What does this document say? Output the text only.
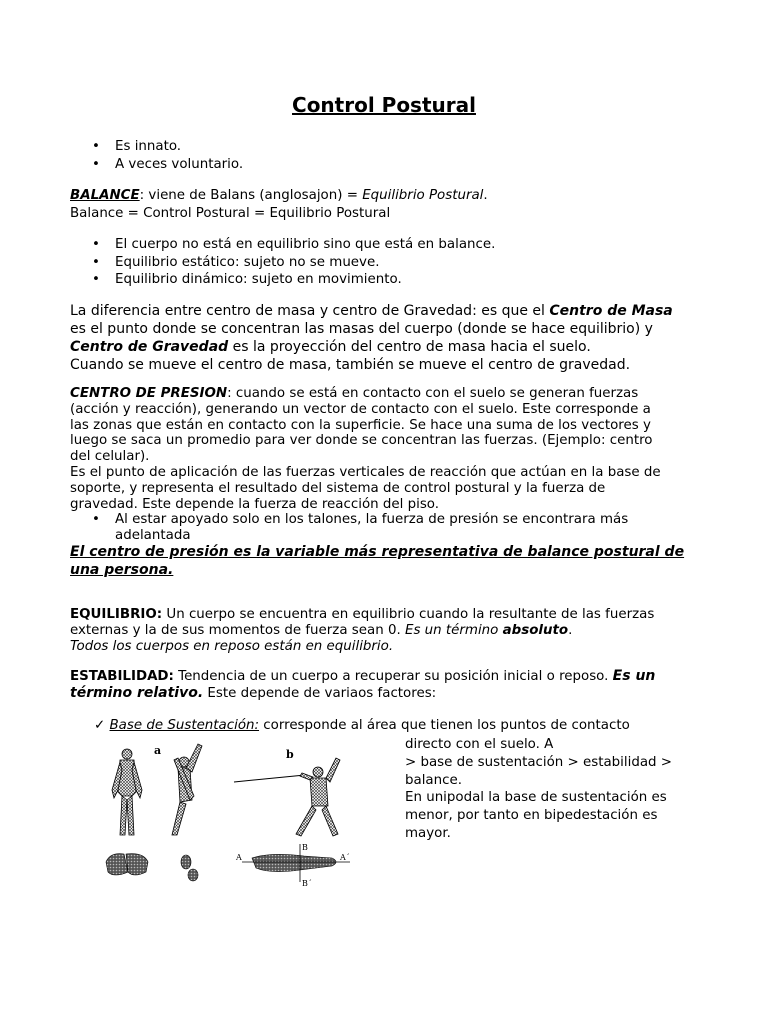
Control Postural
•	Es innato.
•	A veces voluntario.
BALANCE: viene de Balans (anglosajon) = Equilibrio Postural.
Balance = Control Postural = Equilibrio Postural
•	El cuerpo no está en equilibrio sino que está en balance.
•	Equilibrio estático: sujeto no se mueve.
•	Equilibrio dinámico: sujeto en movimiento.
La diferencia entre centro de masa y centro de Gravedad: es que el Centro de Masa
es el punto donde se concentran las masas del cuerpo (donde se hace equilibrio) y
Centro de Gravedad es la proyección del centro de masa hacia el suelo.
Cuando se mueve el centro de masa, también se mueve el centro de gravedad.
CENTRO DE PRESION: cuando se está en contacto con el suelo se generan fuerzas
(acción y reacción), generando un vector de contacto con el suelo. Este corresponde a
las zonas que están en contacto con la superficie. Se hace una suma de los vectores y
luego se saca un promedio para ver donde se concentran las fuerzas. (Ejemplo: centro
del celular).
Es el punto de aplicación de las fuerzas verticales de reacción que actúan en la base de
soporte, y representa el resultado del sistema de control postural y la fuerza de
gravedad. Este depende la fuerza de reacción del piso.
•	Al estar apoyado solo en los talones, la fuerza de presión se encontrara más
adelantada
El centro de presión es la variable más representativa de balance postural de
una persona.
EQUILIBRIO: Un cuerpo se encuentra en equilibrio cuando la resultante de las fuerzas
externas y la de sus momentos de fuerza sean 0. Es un término absoluto.
Todos los cuerpos en reposo están en equilibrio.
ESTABILIDAD: Tendencia de un cuerpo a recuperar su posición inicial o reposo. Es un
término relativo. Este depende de variaos factores:
✓ Base de Sustentación: corresponde al área que tienen los puntos de contacto
directo con el suelo. A
> base de sustentación > estabilidad >
balance.
En unipodal la base de sustentación es
menor, por tanto en bipedestación es
mayor.
a	b
A	A´
B
B´
